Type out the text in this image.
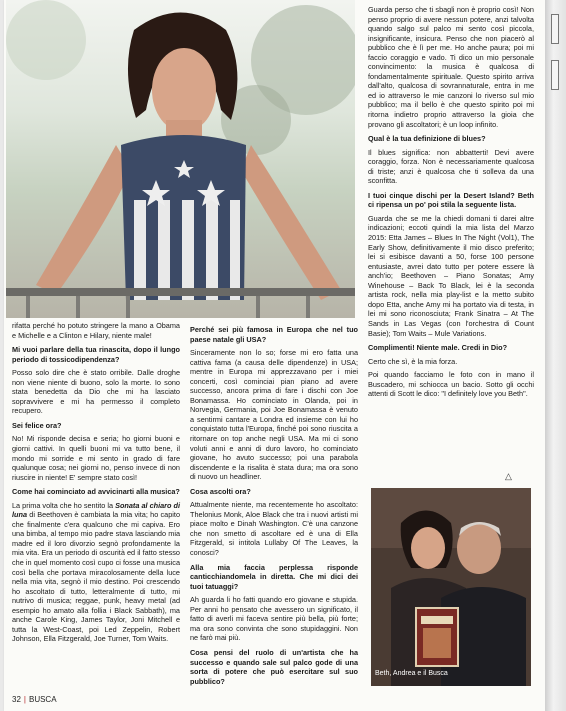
rifatta perché ho potuto stringere la mano a Obama e Michelle e a Clinton e Hilary, niente male!

Mi vuoi parlare della tua rinascita, dopo il lungo periodo di tossicodipendenza?

Posso solo dire che è stato orribile. Dalle droghe non viene niente di buono, solo la morte. Io sono stata benedetta da Dio che mi ha lasciato sopravvivere e mi ha permesso il completo recupero.

Sei felice ora?

No! Mi risponde decisa e seria; ho giorni buoni e giorni cattivi. In quelli buoni mi va tutto bene, il mondo mi sorride e mi sento in grado di fare qualunque cosa; nei giorni no, penso invece di non riuscire in niente! E' sempre stato così!

Come hai cominciato ad avvicinarti alla musica?

La prima volta che ho sentito la Sonata al chiaro di luna di Beethoven è cambiata la mia vita; ho capito che finalmente c'era qualcuno che mi capiva. Ero una bimba, al tempo mio padre stava lasciando mia madre ed il loro divorzio segnò profondamente la mia vita. Era un periodo di oscurità ed il fatto stesso che in quel momento così cupo ci fosse una musica così bella che portava miracolosamente della luce nella mia vita, segnò il mio destino. Poi crescendo ho ascoltato di tutto, letteralmente di tutto, mi nutrivo di musica; reggae, punk, heavy metal (ad esempio ho amato alla follia i Black Sabbath), ma anche Carole King, James Taylor, Joni Mitchell e tutta la West-Coast, poi Led Zeppelin, Robert Johnson, Ella Fitzgerald, Joe Turner, Tom Waits.

Perché sei più famosa in Europa che nel tuo paese natale gli USA?

Sinceramente non lo so; forse mi ero fatta una cattiva fama (a causa delle dipendenze) in USA; mentre in Europa mi apprezzavano per i miei concerti, così cominciai pian piano ad avere successo, ancora prima di fare i dischi con Joe Bonamassa. Ho cominciato in Olanda, poi in Norvegia, Germania, poi Joe Bonamassa è venuto a sentirmi cantare a Londra ed insieme con lui ho conquistato tutta l'Europa, finché poi sono riuscita a ritornare on top anche negli USA. Ma mi ci sono voluti anni e anni di duro lavoro, ho cominciato giovane, ho avuto successo; poi una parabola discendente e la risalita è stata dura; ma ora sono di nuovo un headliner.

Cosa ascolti ora?

Attualmente niente, ma recentemente ho ascoltato: Thelonius Monk, Aloe Black che tra i nuovi artisti mi piace molto e Dinah Washington. C'è una canzone che non smetto di ascoltare ed è una di Ella Fitzgerald, si intitola Lullaby Of The Leaves, la conosci?

Alla mia faccia perplessa risponde canticchiandomela in diretta. Che mi dici dei tuoi tatuaggi?

Ah guarda li ho fatti quando ero giovane e stupida. Per anni ho pensato che avessero un significato, il fatto di averli mi faceva sentire più bella, più forte; ma ora sono convinta che sono stupidaggini. Non ne farò mai più.

Cosa pensi del ruolo di un'artista che ha successo e quando sale sul palco gode di una sorta di potere che può esercitare sul suo pubblico?

Guarda perso che ti sbagli non è proprio così! Non penso proprio di avere nessun potere, anzi talvolta quando salgo sul palco mi sento così piccola, insignificante, insicura. Penso che non piacerò al pubblico che è lì per me. Ho anche paura; poi mi faccio coraggio e vado. Ti dico un mio personale convincimento: la musica è qualcosa di fondamentalmente spirituale. Questo spirito arriva dall'alto, qualcosa di sovrannaturale, entra in me ed io attraverso le mie canzoni lo riverso sul mio pubblico; ma il bello è che questo spirito poi mi ritorna indietro proprio attraverso la gioia che provano gli ascoltatori; è un loop infinito.

Qual è la tua definizione di blues?

Il blues significa: non abbatterti! Devi avere coraggio, forza. Non è necessariamente qualcosa di triste; anzi è qualcosa che ti solleva da una sconfitta.

I tuoi cinque dischi per la Desert Island? Beth ci ripensa un po' poi stila la seguente lista.

Guarda che se me la chiedi domani ti darei altre indicazioni; eccoti quindi la mia lista del Marzo 2015: Etta James – Blues In The Night (Vol1), The Early Show, definitivamente il mio disco preferito; lei si esibisce davanti a 50, forse 100 persone entusiaste, avrei dato tutto per potere essere là anch'io; Beethoven – Piano Sonatas; Amy Winehouse – Back To Black, lei è la seconda artista rock, nella mia play-list e la metto subito dopo Etta, anche Amy mi ha portato via di testa, in lei mi sono riconosciuta; Frank Sinatra – At The Sands in Las Vegas (con l'orchestra di Count Basie); Tom Waits – Mule Variations.

Complimenti! Niente male. Credi in Dio?

Certo che sì, è la mia forza.

Poi quando facciamo le foto con in mano il Buscadero, mi schiocca un bacio. Sotto gli occhi attenti di Scott le dico: "I definitely love you Beth".

△
Beth, Andrea e il Busca
32 | BUSCA
